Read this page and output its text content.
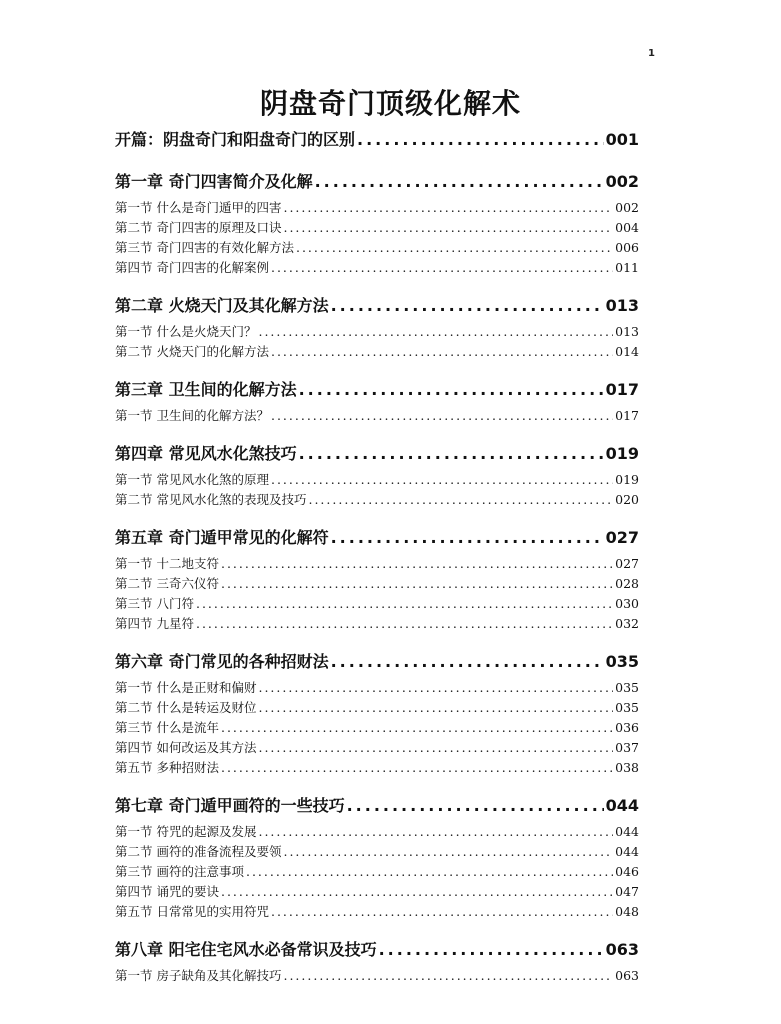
1
阴盘奇门顶级化解术
开篇：阴盘奇门和阳盘奇门的区别 .....	001
第一章 奇门四害简介及化解 .....	002
第一节 什么是奇门遁甲的四害 .....	002
第二节 奇门四害的原理及口诀 .....	004
第三节 奇门四害的有效化解方法 .....	006
第四节 奇门四害的化解案例 .....	011
第二章 火烧天门及其化解方法 .....	013
第一节 什么是火烧天门？ .....	013
第二节 火烧天门的化解方法 .....	014
第三章 卫生间的化解方法 .....	017
第一节 卫生间的化解方法？ .....	017
第四章 常见风水化煞技巧 .....	019
第一节 常见风水化煞的原理 .....	019
第二节 常见风水化煞的表现及技巧 .....	020
第五章 奇门遁甲常见的化解符 .....	027
第一节 十二地支符 .....	027
第二节 三奇六仪符 .....	028
第三节 八门符 .....	030
第四节 九星符 .....	032
第六章 奇门常见的各种招财法 .....	035
第一节 什么是正财和偏财 .....	035
第二节 什么是转运及财位 .....	035
第三节 什么是流年 .....	036
第四节 如何改运及其方法 .....	037
第五节 多种招财法 .....	038
第七章 奇门遁甲画符的一些技巧 .....	044
第一节 符咒的起源及发展 .....	044
第二节 画符的准备流程及要领 .....	044
第三节 画符的注意事项 .....	046
第四节 诵咒的要诀 .....	047
第五节 日常常见的实用符咒 .....	048
第八章 阳宅住宅风水必备常识及技巧 .....	063
第一节 房子缺角及其化解技巧 .....	063
